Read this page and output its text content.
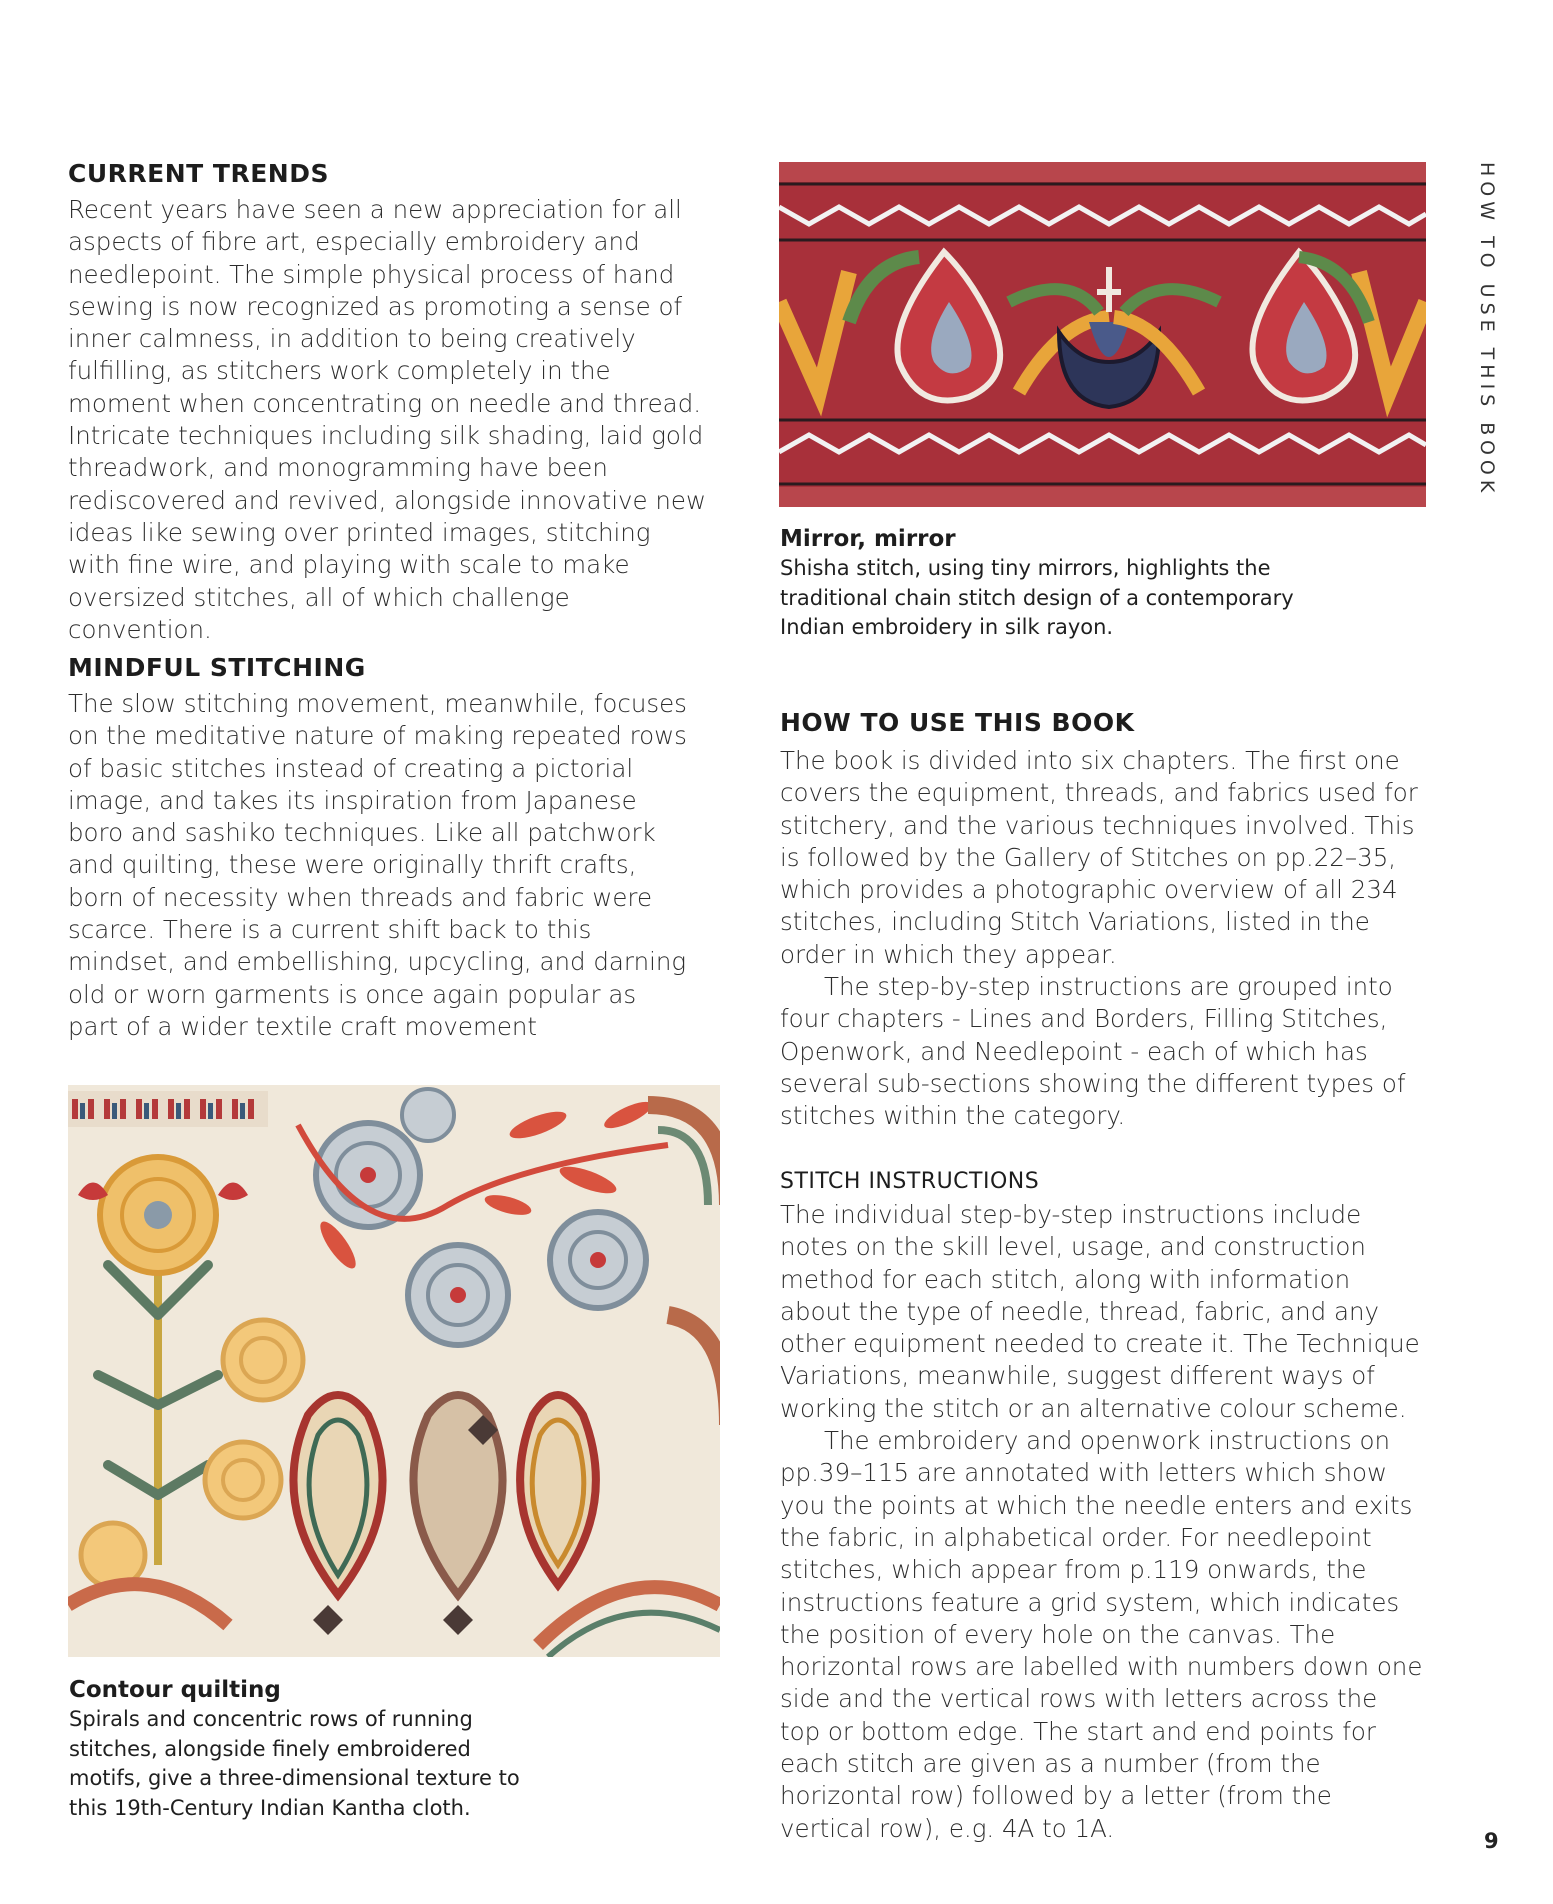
CURRENT TRENDS

Recent years have seen a new appreciation for all aspects of fibre art, especially embroidery and needlepoint. The simple physical process of hand sewing is now recognized as promoting a sense of inner calmness, in addition to being creatively fulfilling, as stitchers work completely in the moment when concentrating on needle and thread. Intricate techniques including silk shading, laid gold threadwork, and monogramming have been rediscovered and revived, alongside innovative new ideas like sewing over printed images, stitching with fine wire, and playing with scale to make oversized stitches, all of which challenge convention.

MINDFUL STITCHING

The slow stitching movement, meanwhile, focuses on the meditative nature of making repeated rows of basic stitches instead of creating a pictorial image, and takes its inspiration from Japanese boro and sashiko techniques. Like all patchwork and quilting, these were originally thrift crafts, born of necessity when threads and fabric were scarce. There is a current shift back to this mindset, and embellishing, upcycling, and darning old or worn garments is once again popular as part of a wider textile craft movement

Contour quilting
Spirals and concentric rows of running stitches, alongside finely embroidered motifs, give a three-dimensional texture to this 19th-Century Indian Kantha cloth.
Mirror, mirror
Shisha stitch, using tiny mirrors, highlights the traditional chain stitch design of a contemporary Indian embroidery in silk rayon.
HOW TO USE THIS BOOK

The book is divided into six chapters. The first one covers the equipment, threads, and fabrics used for stitchery, and the various techniques involved. This is followed by the Gallery of Stitches on pp.22–35, which provides a photographic overview of all 234 stitches, including Stitch Variations, listed in the order in which they appear.

The step-by-step instructions are grouped into four chapters - Lines and Borders, Filling Stitches, Openwork, and Needlepoint - each of which has several sub-sections showing the different types of stitches within the category.

STITCH INSTRUCTIONS

The individual step-by-step instructions include notes on the skill level, usage, and construction method for each stitch, along with information about the type of needle, thread, fabric, and any other equipment needed to create it. The Technique Variations, meanwhile, suggest different ways of working the stitch or an alternative colour scheme.

The embroidery and openwork instructions on pp.39–115 are annotated with letters which show you the points at which the needle enters and exits the fabric, in alphabetical order. For needlepoint stitches, which appear from p.119 onwards, the instructions feature a grid system, which indicates the position of every hole on the canvas. The horizontal rows are labelled with numbers down one side and the vertical rows with letters across the top or bottom edge. The start and end points for each stitch are given as a number (from the horizontal row) followed by a letter (from the vertical row), e.g. 4A to 1A.

HOW TO USE THIS BOOK
9
